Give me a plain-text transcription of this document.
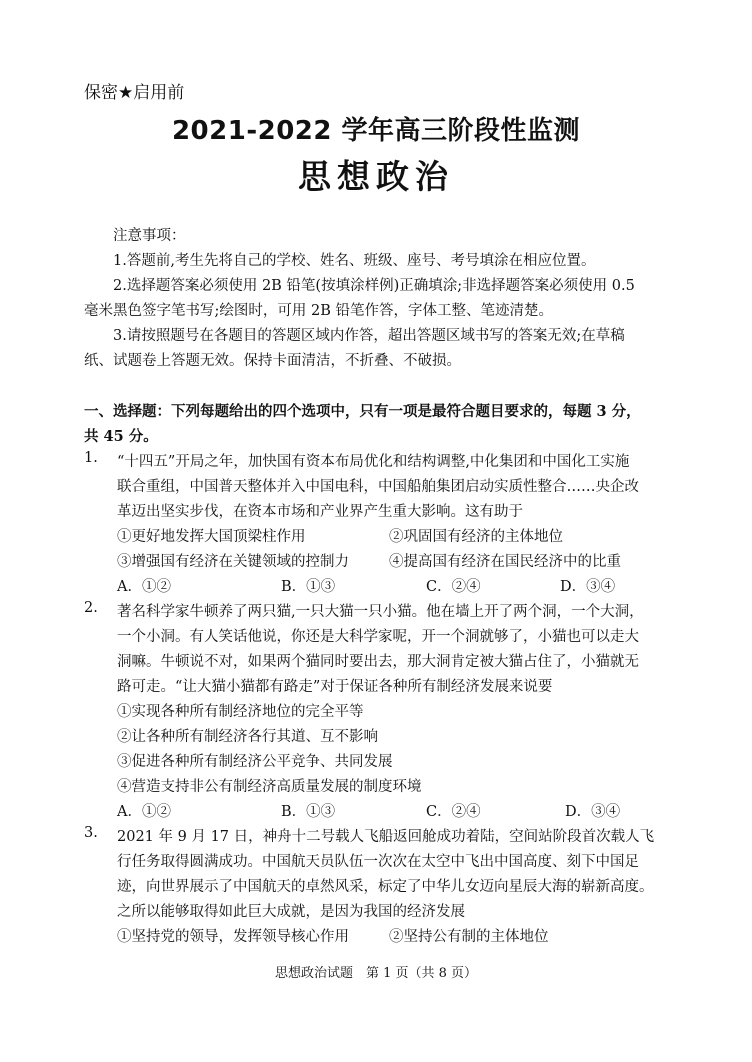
保密★启用前
2021-2022 学年高三阶段性监测
思想政治
注意事项：
1.答题前,考生先将自己的学校、姓名、班级、座号、考号填涂在相应位置。
2.选择题答案必须使用 2B 铅笔(按填涂样例)正确填涂;非选择题答案必须使用 0.5
毫米黑色签字笔书写;绘图时，可用 2B 铅笔作答，字体工整、笔迹清楚。
3.请按照题号在各题目的答题区域内作答，超出答题区域书写的答案无效;在草稿
纸、试题卷上答题无效。保持卡面清洁，不折叠、不破损。
一、选择题：下列每题给出的四个选项中，只有一项是最符合题目要求的，每题 3 分，
共 45 分。
1. “十四五”开局之年，加快国有资本布局优化和结构调整,中化集团和中国化工实施
联合重组，中国普天整体并入中国电科，中国船舶集团启动实质性整合……央企改
革迈出坚实步伐，在资本市场和产业界产生重大影响。这有助于
①更好地发挥大国顶梁柱作用	②巩固国有经济的主体地位
③增强国有经济在关键领域的控制力	④提高国有经济在国民经济中的比重
A．①②	B．①③	C．②④	D．③④
2. 著名科学家牛顿养了两只猫,一只大猫一只小猫。他在墙上开了两个洞，一个大洞，
一个小洞。有人笑话他说，你还是大科学家呢，开一个洞就够了，小猫也可以走大
洞嘛。牛顿说不对，如果两个猫同时要出去，那大洞肯定被大猫占住了，小猫就无
路可走。“让大猫小猫都有路走”对于保证各种所有制经济发展来说要
①实现各种所有制经济地位的完全平等
②让各种所有制经济各行其道、互不影响
③促进各种所有制经济公平竞争、共同发展
④营造支持非公有制经济高质量发展的制度环境
A．①②	B．①③	C．②④	D．③④
3. 2021 年 9 月 17 日，神舟十二号载人飞船返回舱成功着陆，空间站阶段首次载人飞
行任务取得圆满成功。中国航天员队伍一次次在太空中飞出中国高度、刻下中国足
迹，向世界展示了中国航天的卓然风采，标定了中华儿女迈向星辰大海的崭新高度。
之所以能够取得如此巨大成就，是因为我国的经济发展
①坚持党的领导，发挥领导核心作用	②坚持公有制的主体地位
思想政治试题　第 1 页（共 8 页）
